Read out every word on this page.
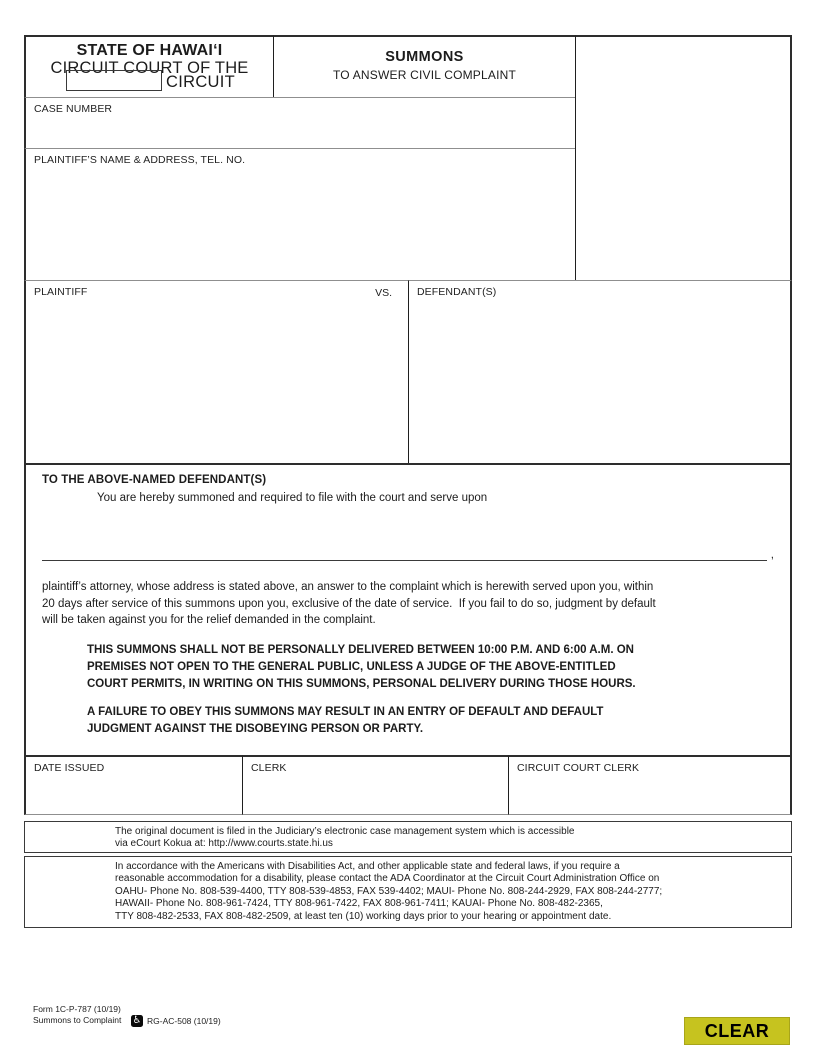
STATE OF HAWAI‘I
CIRCUIT COURT OF THE
CIRCUIT
SUMMONS
TO ANSWER CIVIL COMPLAINT
CASE NUMBER
PLAINTIFF’S NAME & ADDRESS, TEL. NO.
PLAINTIFF	VS.	DEFENDANT(S)
TO THE ABOVE-NAMED DEFENDANT(S)
You are hereby summoned and required to file with the court and serve upon
,
plaintiff’s attorney, whose address is stated above, an answer to the complaint which is herewith served upon you, within
20 days after service of this summons upon you, exclusive of the date of service.  If you fail to do so, judgment by default
will be taken against you for the relief demanded in the complaint.
THIS SUMMONS SHALL NOT BE PERSONALLY DELIVERED BETWEEN 10:00 P.M. AND 6:00 A.M. ON
PREMISES NOT OPEN TO THE GENERAL PUBLIC, UNLESS A JUDGE OF THE ABOVE-ENTITLED
COURT PERMITS, IN WRITING ON THIS SUMMONS, PERSONAL DELIVERY DURING THOSE HOURS.
A FAILURE TO OBEY THIS SUMMONS MAY RESULT IN AN ENTRY OF DEFAULT AND DEFAULT
JUDGMENT AGAINST THE DISOBEYING PERSON OR PARTY.
DATE ISSUED	CLERK	CIRCUIT COURT CLERK
The original document is filed in the Judiciary’s electronic case management system which is accessible
via eCourt Kokua at: http://www.courts.state.hi.us
In accordance with the Americans with Disabilities Act, and other applicable state and federal laws, if you require a
reasonable accommodation for a disability, please contact the ADA Coordinator at the Circuit Court Administration Office on
OAHU- Phone No. 808-539-4400, TTY 808-539-4853, FAX 539-4402; MAUI- Phone No. 808-244-2929, FAX 808-244-2777;
HAWAII- Phone No. 808-961-7424, TTY 808-961-7422, FAX 808-961-7411; KAUAI- Phone No. 808-482-2365,
TTY 808-482-2533, FAX 808-482-2509, at least ten (10) working days prior to your hearing or appointment date.
Form 1C-P-787 (10/19)
Summons to Complaint ♿ RG-AC-508 (10/19)	CLEAR
